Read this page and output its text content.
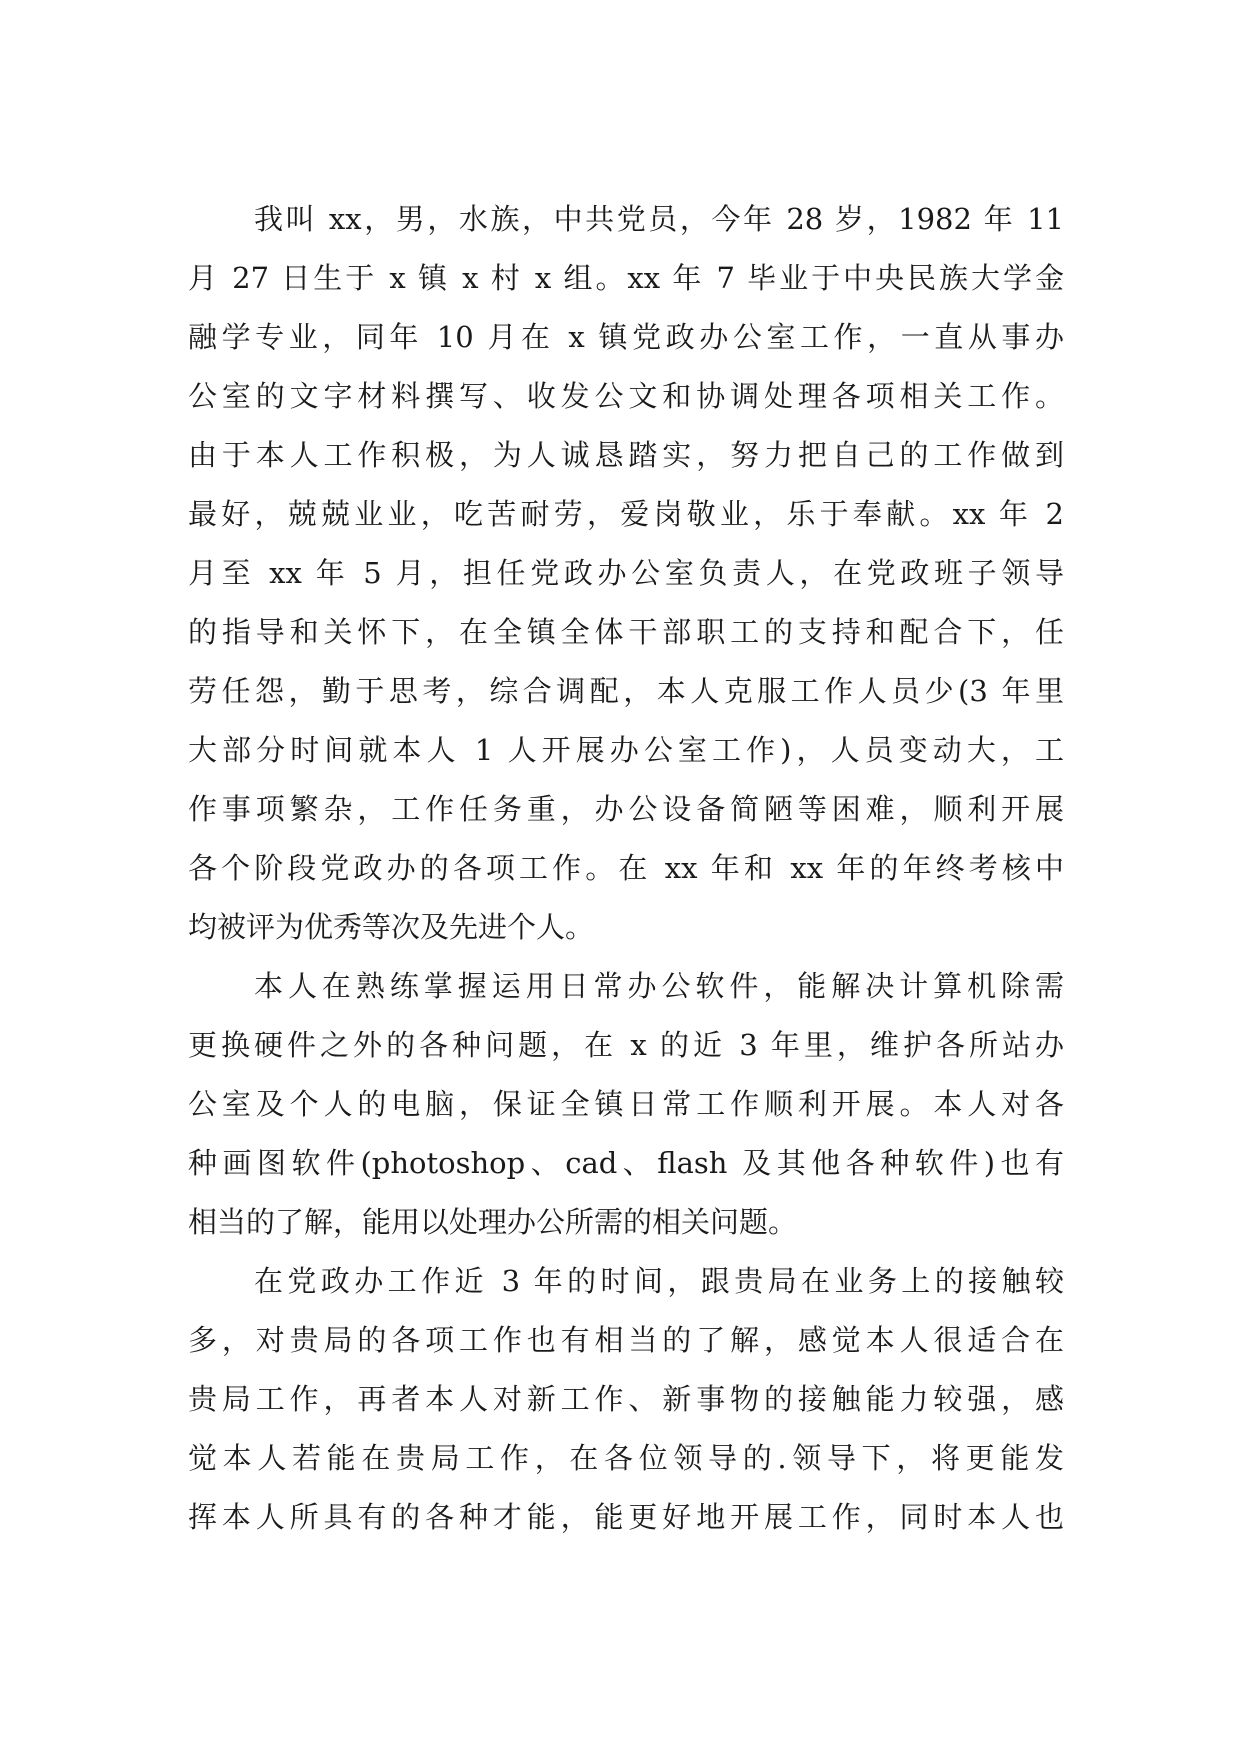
我叫 xx，男，水族，中共党员，今年 28 岁，1982 年 11
月 27 日生于 x 镇 x 村 x 组。xx 年 7 毕业于中央民族大学金
融学专业，同年 10 月在 x 镇党政办公室工作，一直从事办
公室的文字材料撰写、收发公文和协调处理各项相关工作。
由于本人工作积极，为人诚恳踏实，努力把自己的工作做到
最好，兢兢业业，吃苦耐劳，爱岗敬业，乐于奉献。xx 年 2
月至 xx 年 5 月，担任党政办公室负责人，在党政班子领导
的指导和关怀下，在全镇全体干部职工的支持和配合下，任
劳任怨，勤于思考，综合调配，本人克服工作人员少(3 年里
大部分时间就本人 1 人开展办公室工作)，人员变动大，工
作事项繁杂，工作任务重，办公设备简陋等困难，顺利开展
各个阶段党政办的各项工作。在 xx 年和 xx 年的年终考核中
均被评为优秀等次及先进个人。
本人在熟练掌握运用日常办公软件，能解决计算机除需
更换硬件之外的各种问题，在 x 的近 3 年里，维护各所站办
公室及个人的电脑，保证全镇日常工作顺利开展。本人对各
种画图软件(photoshop、cad、flash 及其他各种软件)也有
相当的了解，能用以处理办公所需的相关问题。
在党政办工作近 3 年的时间，跟贵局在业务上的接触较
多，对贵局的各项工作也有相当的了解，感觉本人很适合在
贵局工作，再者本人对新工作、新事物的接触能力较强，感
觉本人若能在贵局工作，在各位领导的.领导下，将更能发
挥本人所具有的各种才能，能更好地开展工作，同时本人也
